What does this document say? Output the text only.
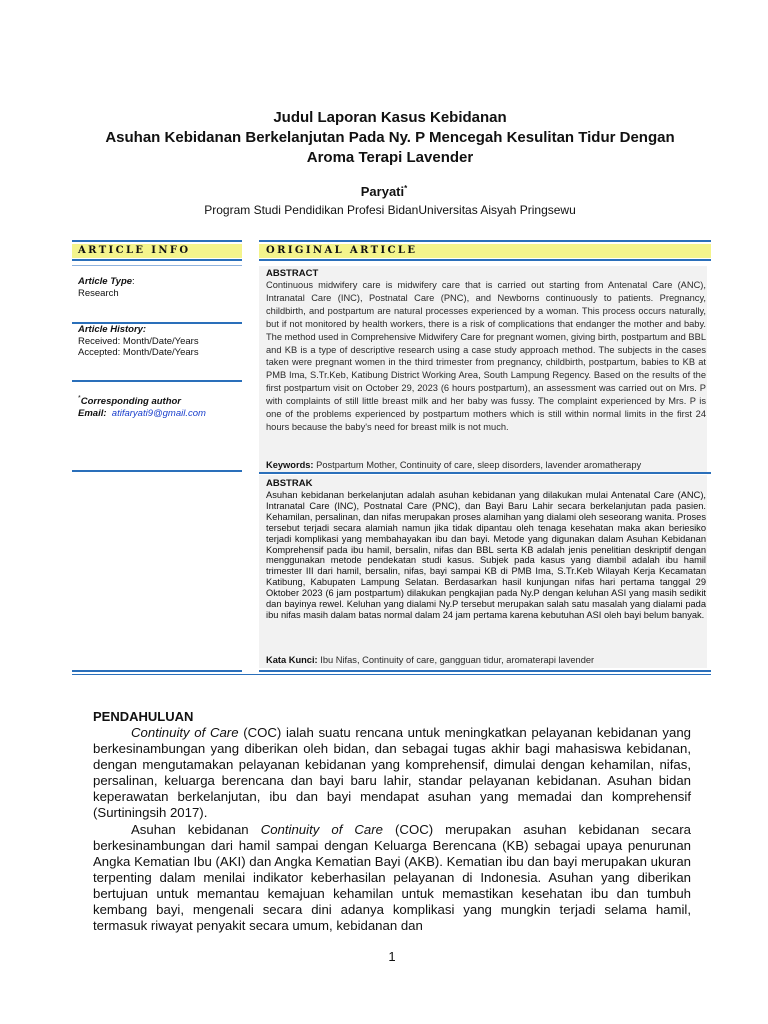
Judul Laporan Kasus Kebidanan
Asuhan Kebidanan Berkelanjutan Pada Ny. P Mencegah Kesulitan Tidur Dengan
Aroma Terapi Lavender
Paryati*
Program Studi Pendidikan Profesi BidanUniversitas Aisyah Pringsewu
ARTICLE INFO	ORIGINAL ARTICLE
Article Type:
Research
Article History:
Received: Month/Date/Years
Accepted: Month/Date/Years
*Corresponding author
Email: atifaryati9@gmail.com
ABSTRACT
Continuous midwifery care is midwifery care that is carried out starting from Antenatal Care (ANC), Intranatal Care (INC), Postnatal Care (PNC), and Newborns continuously to patients. Pregnancy, childbirth, and postpartum are natural processes experienced by a woman. This process occurs naturally, but if not monitored by health workers, there is a risk of complications that endanger the mother and baby. The method used in Comprehensive Midwifery Care for pregnant women, giving birth, postpartum and BBL and KB is a type of descriptive research using a case study approach method. The subjects in the cases taken were pregnant women in the third trimester from pregnancy, childbirth, postpartum, babies to KB at PMB Ima, S.Tr.Keb, Katibung District Working Area, South Lampung Regency. Based on the results of the first postpartum visit on October 29, 2023 (6 hours postpartum), an assessment was carried out on Mrs. P with complaints of still little breast milk and her baby was fussy. The complaint experienced by Mrs. P is one of the problems experienced by postpartum mothers which is still within normal limits in the first 24 hours because the baby's need for breast milk is not much.
Keywords: Postpartum Mother, Continuity of care, sleep disorders, lavender aromatherapy
ABSTRAK
Asuhan kebidanan berkelanjutan adalah asuhan kebidanan yang dilakukan mulai Antenatal Care (ANC), Intranatal Care (INC), Postnatal Care (PNC), dan Bayi Baru Lahir secara berkelanjutan pada pasien. Kehamilan, persalinan, dan nifas merupakan proses alamihan yang dialami oleh seseorang wanita. Proses tersebut terjadi secara alamiah namun jika tidak dipantau oleh tenaga kesehatan maka akan beriesiko terjadi komplikasi yang membahayakan ibu dan bayi. Metode yang digunakan dalam Asuhan Kebidanan Komprehensif pada ibu hamil, bersalin, nifas dan BBL serta KB adalah jenis penelitian deskriptif dengan menggunakan metode pendekatan studi kasus. Subjek pada kasus yang diambil adalah ibu hamil trimester III dari hamil, bersalin, nifas, bayi sampai KB di PMB Ima, S.Tr.Keb Wilayah Kerja Kecamatan Katibung, Kabupaten Lampung Selatan. Berdasarkan hasil kunjungan nifas hari pertama tanggal 29 Oktober 2023 (6 jam postpartum) dilakukan pengkajian pada Ny.P dengan keluhan ASI yang masih sedikit dan bayinya rewel. Keluhan yang dialami Ny.P tersebut merupakan salah satu masalah yang dialami pada ibu nifas masih dalam batas normal dalam 24 jam pertama karena kebutuhan ASI oleh bayi belum banyak.
Kata Kunci: Ibu Nifas, Continuity of care, gangguan tidur, aromaterapi lavender
PENDAHULUAN

Continuity of Care (COC) ialah suatu rencana untuk meningkatkan pelayanan kebidanan yang berkesinambungan yang diberikan oleh bidan, dan sebagai tugas akhir bagi mahasiswa kebidanan, dengan mengutamakan pelayanan kebidanan yang komprehensif, dimulai dengan kehamilan, nifas, persalinan, keluarga berencana dan bayi baru lahir, standar pelayanan kebidanan. Asuhan bidan keperawatan berkelanjutan, ibu dan bayi mendapat asuhan yang memadai dan komprehensif (Surtiningsih 2017).

Asuhan kebidanan Continuity of Care (COC) merupakan asuhan kebidanan secara berkesinambungan dari hamil sampai dengan Keluarga Berencana (KB) sebagai upaya penurunan Angka Kematian Ibu (AKI) dan Angka Kematian Bayi (AKB). Kematian ibu dan bayi merupakan ukuran terpenting dalam menilai indikator keberhasilan pelayanan di Indonesia. Asuhan yang diberikan bertujuan untuk memantau kemajuan kehamilan untuk memastikan kesehatan ibu dan tumbuh kembang bayi, mengenali secara dini adanya komplikasi yang mungkin terjadi selama hamil, termasuk riwayat penyakit secara umum, kebidanan dan

1
